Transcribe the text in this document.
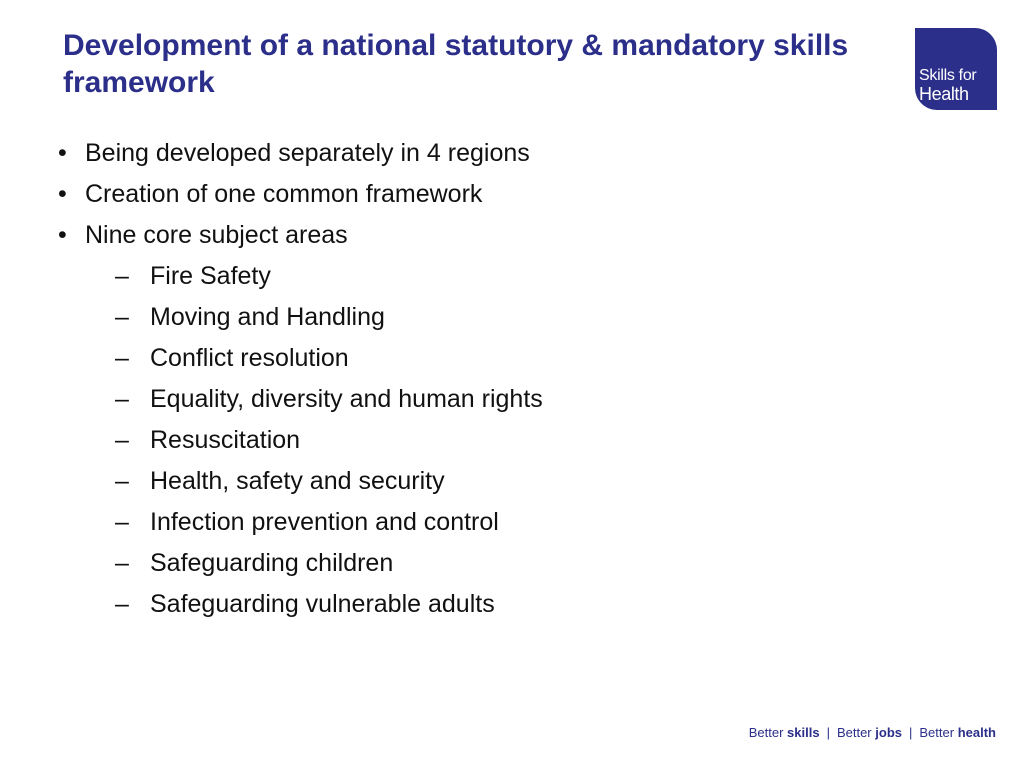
Development of a national statutory & mandatory skills framework	Skills for
Health
• Being developed separately in 4 regions
• Creation of one common framework
• Nine core subject areas
– Fire Safety
– Moving and Handling
– Conflict resolution
– Equality, diversity and human rights
– Resuscitation
– Health, safety and security
– Infection prevention and control
– Safeguarding children
– Safeguarding vulnerable adults
Better skills | Better jobs | Better health
